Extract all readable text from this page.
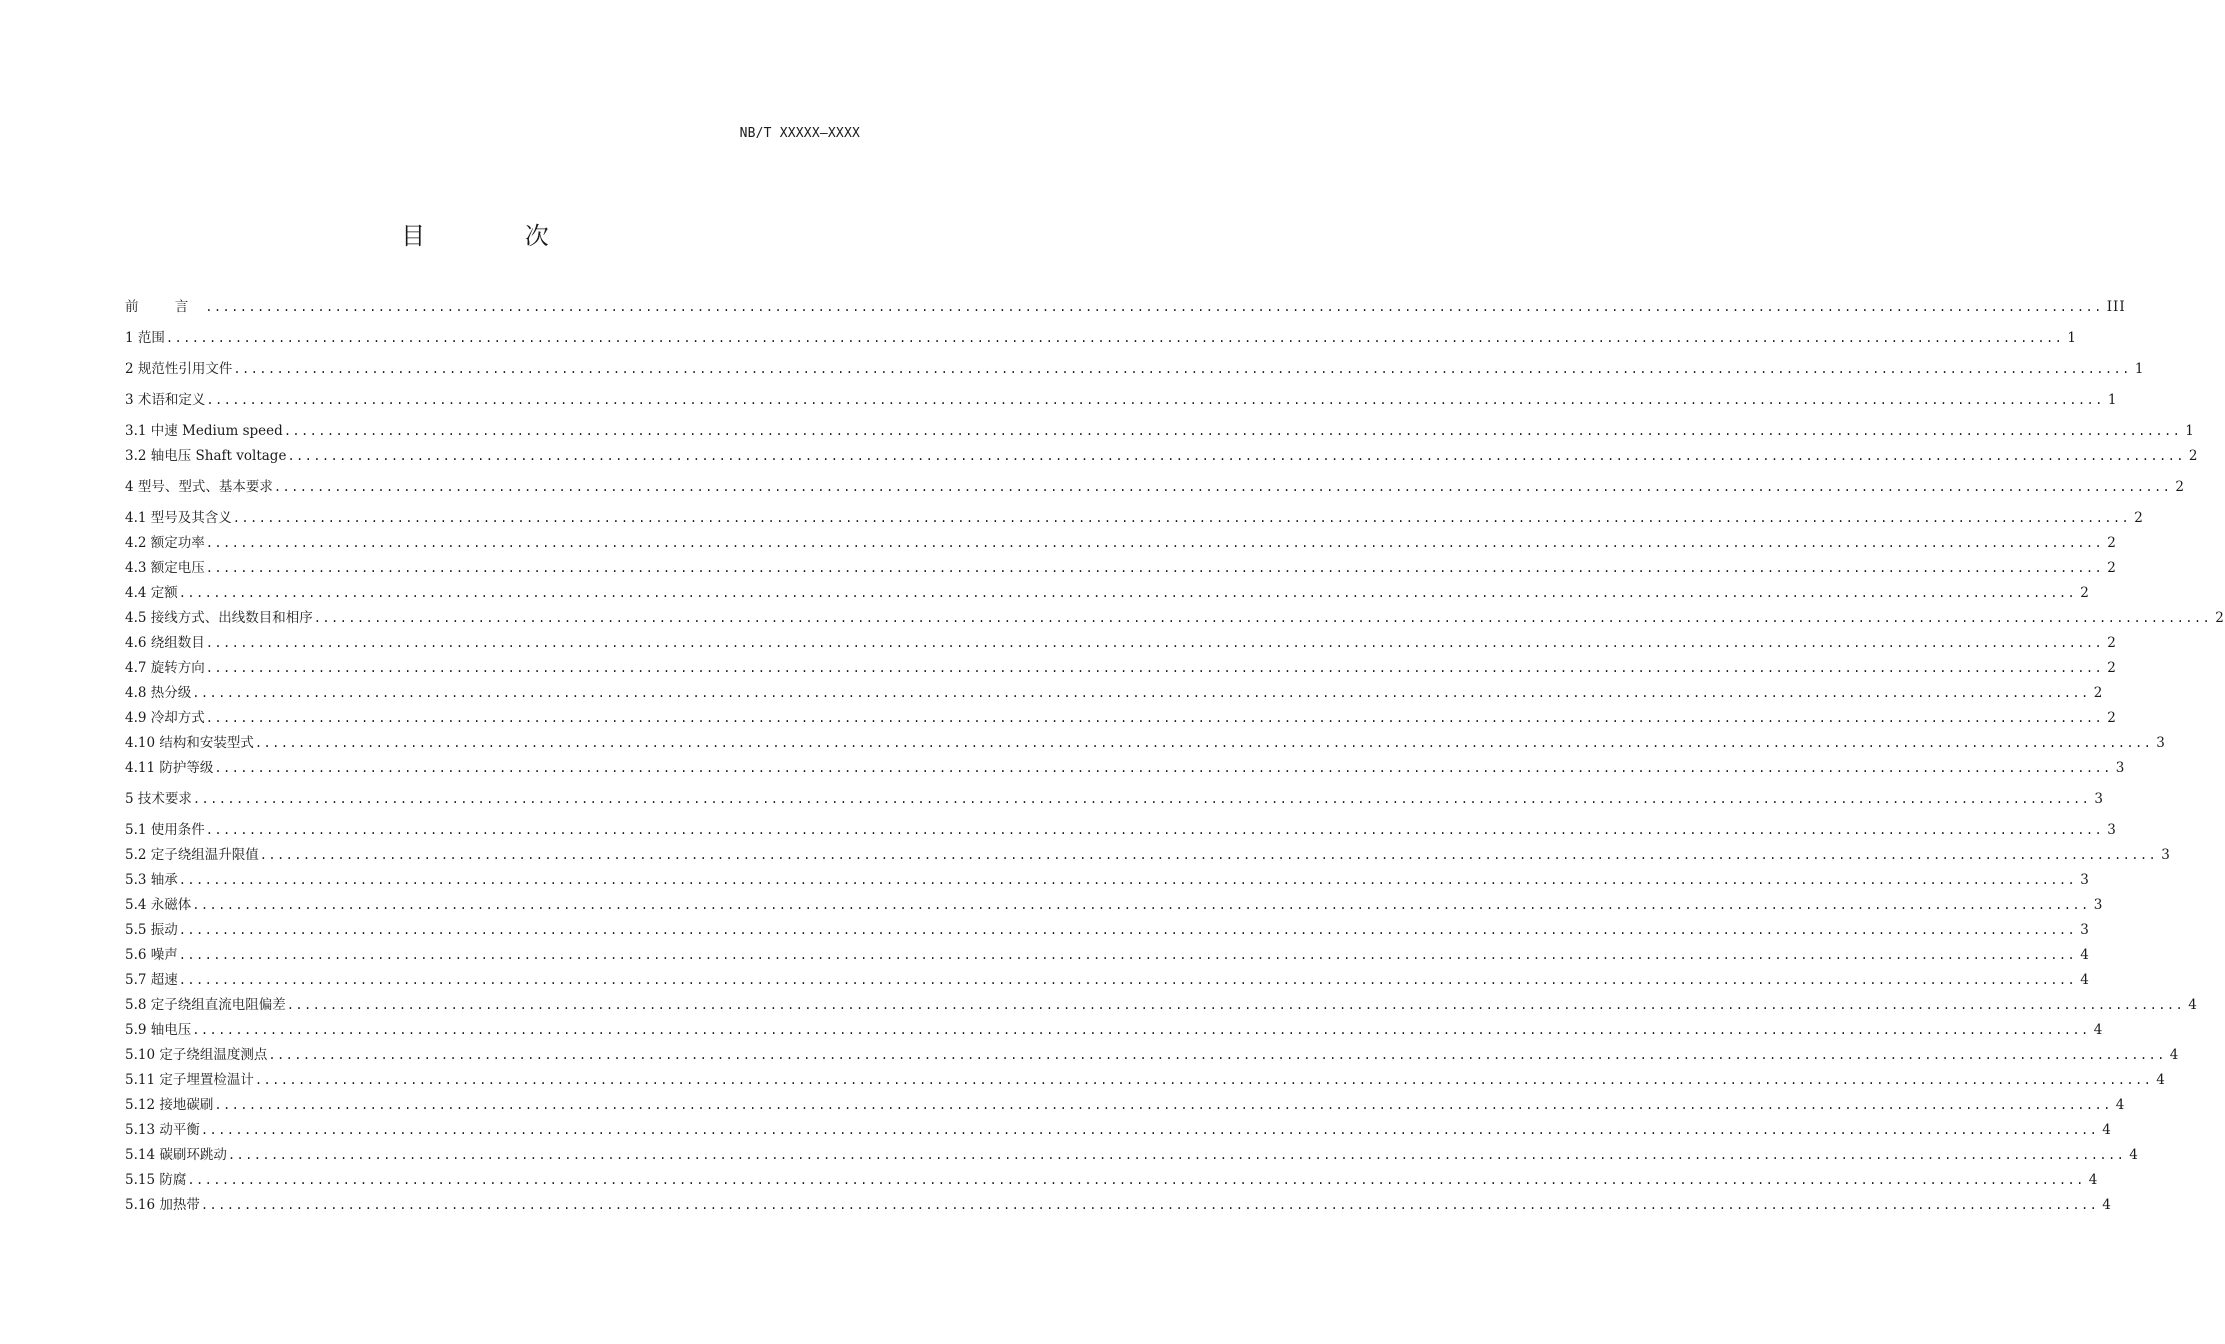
NB/T XXXXX—XXXX
目 次
前 言 ............................................................................................................................................................................................................................ III
1 范围 ............................................................................................................................................................................................................................ 1
2 规范性引用文件 ............................................................................................................................................................................................................................ 1
3 术语和定义 ............................................................................................................................................................................................................................ 1
3.1 中速 Medium speed ............................................................................................................................................................................................................................ 1
3.2 轴电压 Shaft voltage ............................................................................................................................................................................................................................ 2
4 型号、型式、基本要求 ............................................................................................................................................................................................................................ 2
4.1 型号及其含义 ............................................................................................................................................................................................................................ 2
4.2 额定功率 ............................................................................................................................................................................................................................ 2
4.3 额定电压 ............................................................................................................................................................................................................................ 2
4.4 定额 ............................................................................................................................................................................................................................ 2
4.5 接线方式、出线数目和相序 ............................................................................................................................................................................................................................ 2
4.6 绕组数目 ............................................................................................................................................................................................................................ 2
4.7 旋转方向 ............................................................................................................................................................................................................................ 2
4.8 热分级 ............................................................................................................................................................................................................................ 2
4.9 冷却方式 ............................................................................................................................................................................................................................ 2
4.10 结构和安装型式 ............................................................................................................................................................................................................................ 3
4.11 防护等级 ............................................................................................................................................................................................................................ 3
5 技术要求 ............................................................................................................................................................................................................................ 3
5.1 使用条件 ............................................................................................................................................................................................................................ 3
5.2 定子绕组温升限值 ............................................................................................................................................................................................................................ 3
5.3 轴承 ............................................................................................................................................................................................................................ 3
5.4 永磁体 ............................................................................................................................................................................................................................ 3
5.5 振动 ............................................................................................................................................................................................................................ 3
5.6 噪声 ............................................................................................................................................................................................................................ 4
5.7 超速 ............................................................................................................................................................................................................................ 4
5.8 定子绕组直流电阻偏差 ............................................................................................................................................................................................................................ 4
5.9 轴电压 ............................................................................................................................................................................................................................ 4
5.10 定子绕组温度测点 ............................................................................................................................................................................................................................ 4
5.11 定子埋置检温计 ............................................................................................................................................................................................................................ 4
5.12 接地碳刷 ............................................................................................................................................................................................................................ 4
5.13 动平衡 ............................................................................................................................................................................................................................ 4
5.14 碳刷环跳动 ............................................................................................................................................................................................................................ 4
5.15 防腐 ............................................................................................................................................................................................................................ 4
5.16 加热带 ............................................................................................................................................................................................................................ 4
